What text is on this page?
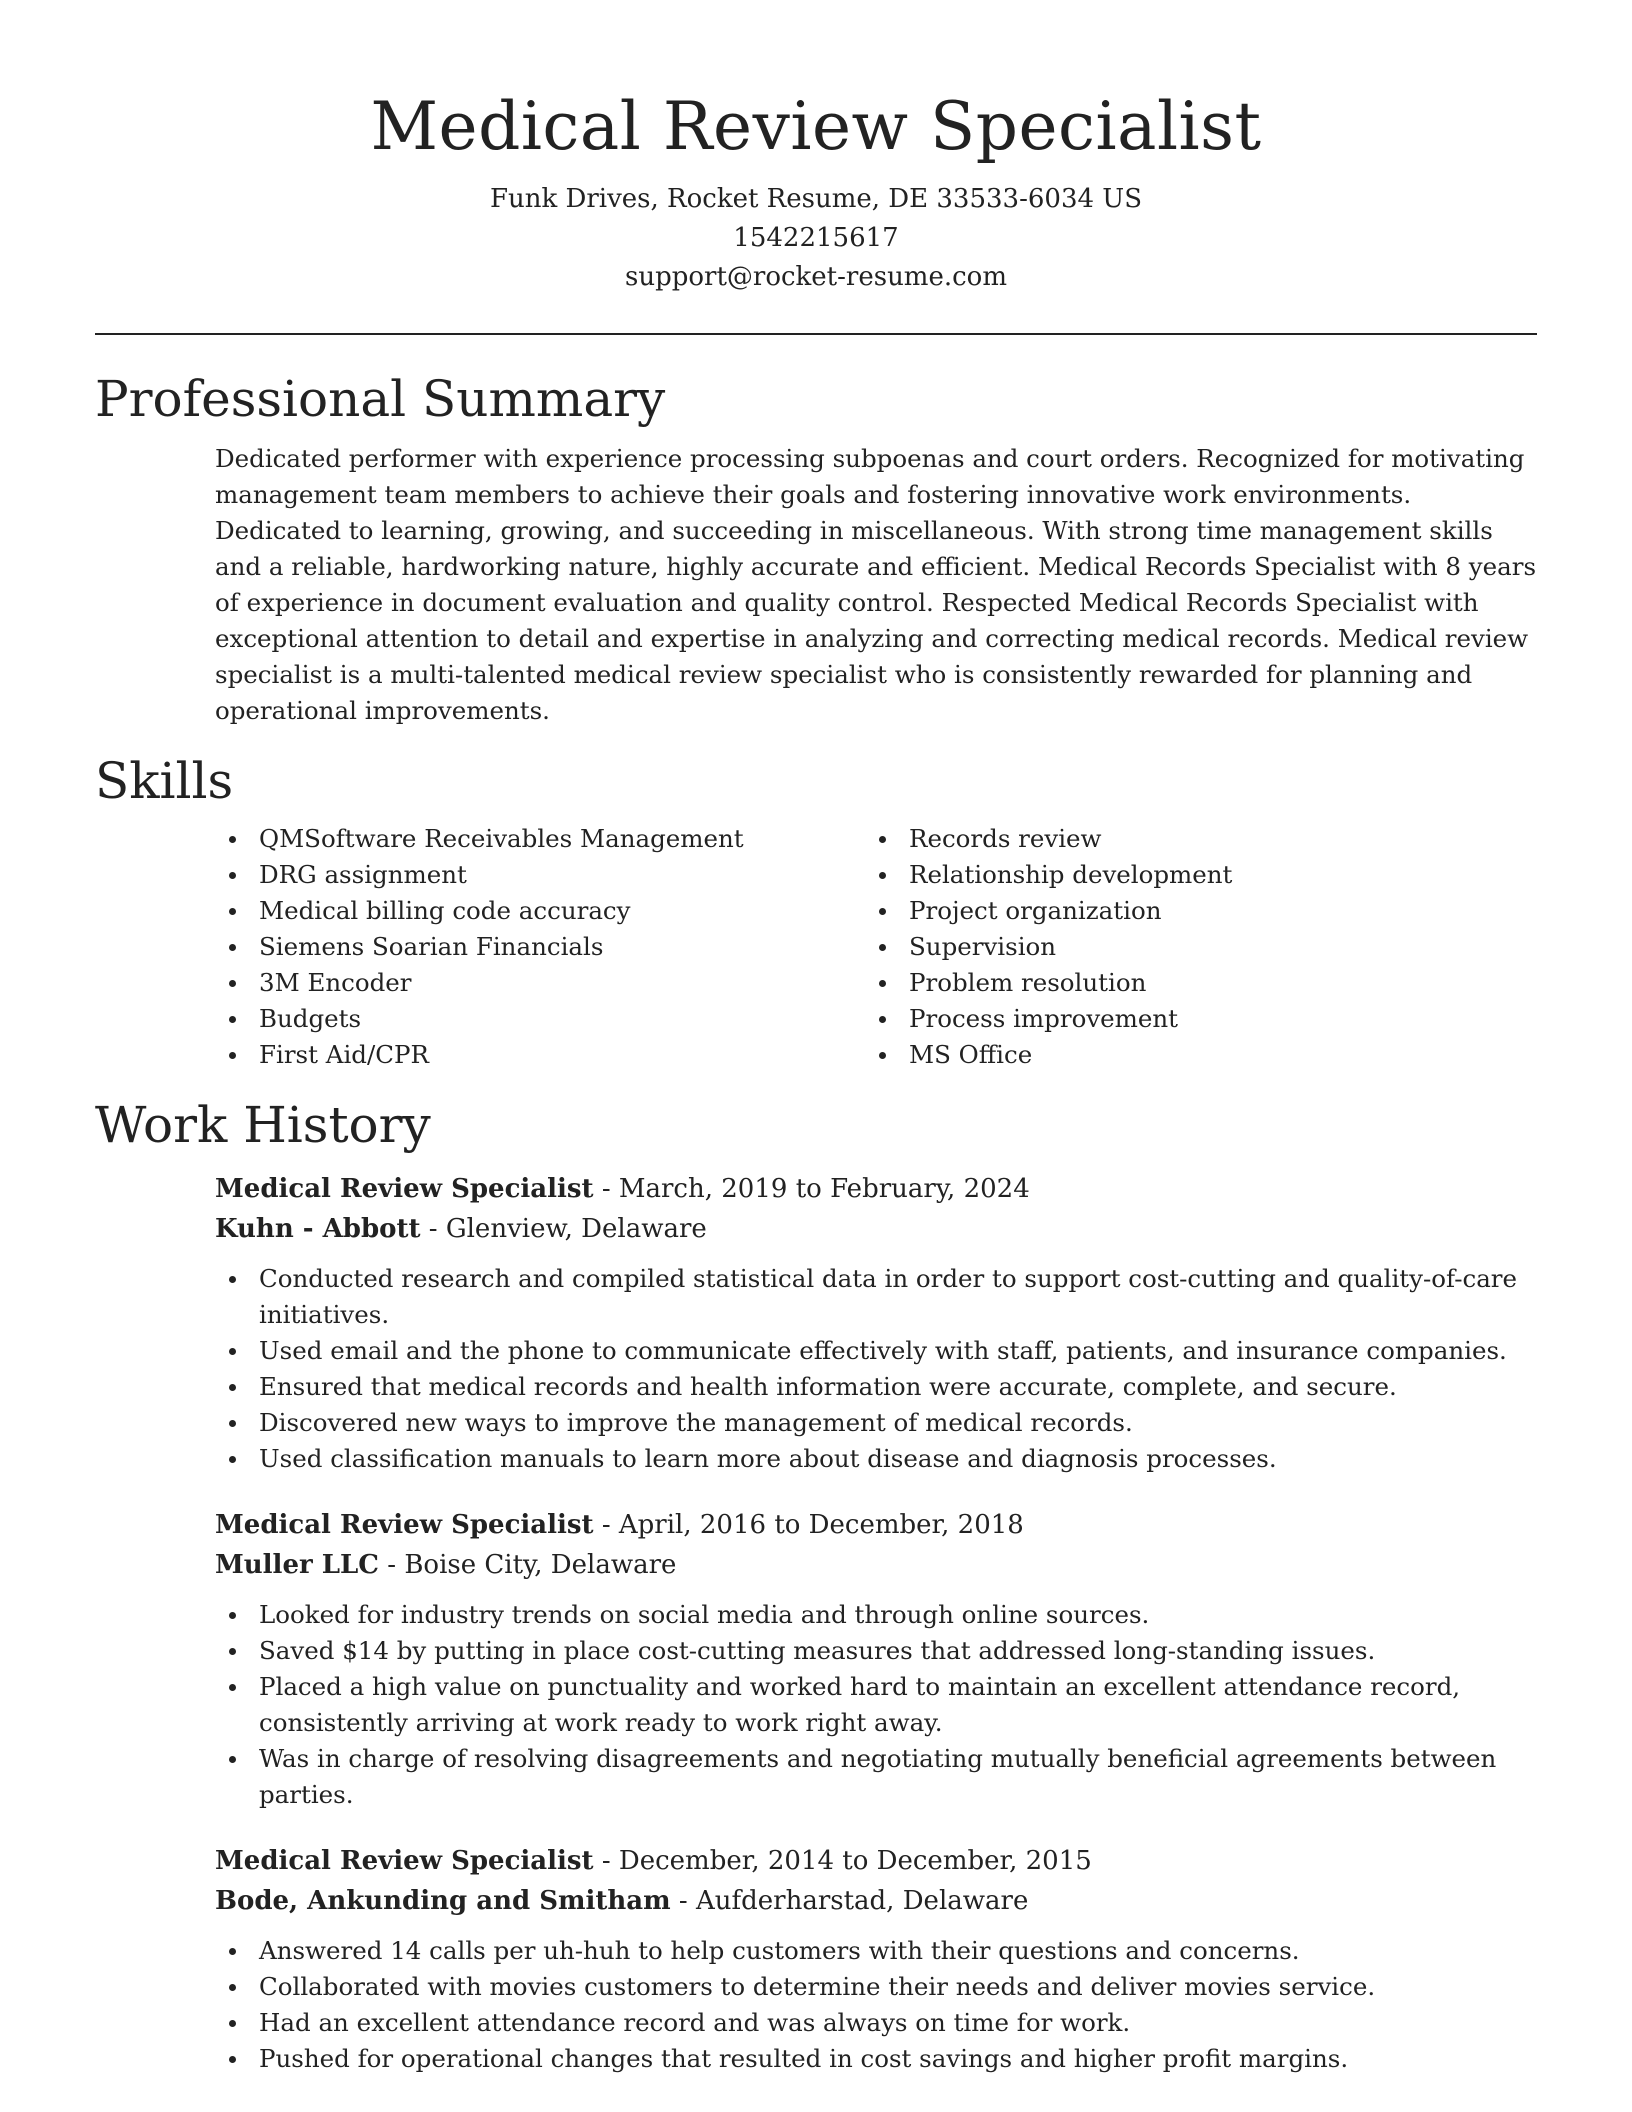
Medical Review Specialist
Funk Drives, Rocket Resume, DE 33533-6034 US
1542215617
support@rocket-resume.com
Professional Summary

Dedicated performer with experience processing subpoenas and court orders. Recognized for motivating management team members to achieve their goals and fostering innovative work environments. Dedicated to learning, growing, and succeeding in miscellaneous. With strong time management skills and a reliable, hardworking nature, highly accurate and efficient. Medical Records Specialist with 8 years of experience in document evaluation and quality control. Respected Medical Records Specialist with exceptional attention to detail and expertise in analyzing and correcting medical records. Medical review specialist is a multi-talented medical review specialist who is consistently rewarded for planning and operational improvements.

Skills
QMSoftware Receivables Management
DRG assignment
Medical billing code accuracy
Siemens Soarian Financials
3M Encoder
Budgets
First Aid/CPR
Records review
Relationship development
Project organization
Supervision
Problem resolution
Process improvement
MS Office
Work History
Medical Review Specialist - March, 2019 to February, 2024
Kuhn - Abbott - Glenview, Delaware
Conducted research and compiled statistical data in order to support cost-cutting and quality-of-care initiatives.
Used email and the phone to communicate effectively with staff, patients, and insurance companies.
Ensured that medical records and health information were accurate, complete, and secure.
Discovered new ways to improve the management of medical records.
Used classification manuals to learn more about disease and diagnosis processes.
Medical Review Specialist - April, 2016 to December, 2018
Muller LLC - Boise City, Delaware
Looked for industry trends on social media and through online sources.
Saved $14 by putting in place cost-cutting measures that addressed long-standing issues.
Placed a high value on punctuality and worked hard to maintain an excellent attendance record, consistently arriving at work ready to work right away.
Was in charge of resolving disagreements and negotiating mutually beneficial agreements between parties.
Medical Review Specialist - December, 2014 to December, 2015
Bode, Ankunding and Smitham - Aufderharstad, Delaware
Answered 14 calls per uh-huh to help customers with their questions and concerns.
Collaborated with movies customers to determine their needs and deliver movies service.
Had an excellent attendance record and was always on time for work.
Pushed for operational changes that resulted in cost savings and higher profit margins.
